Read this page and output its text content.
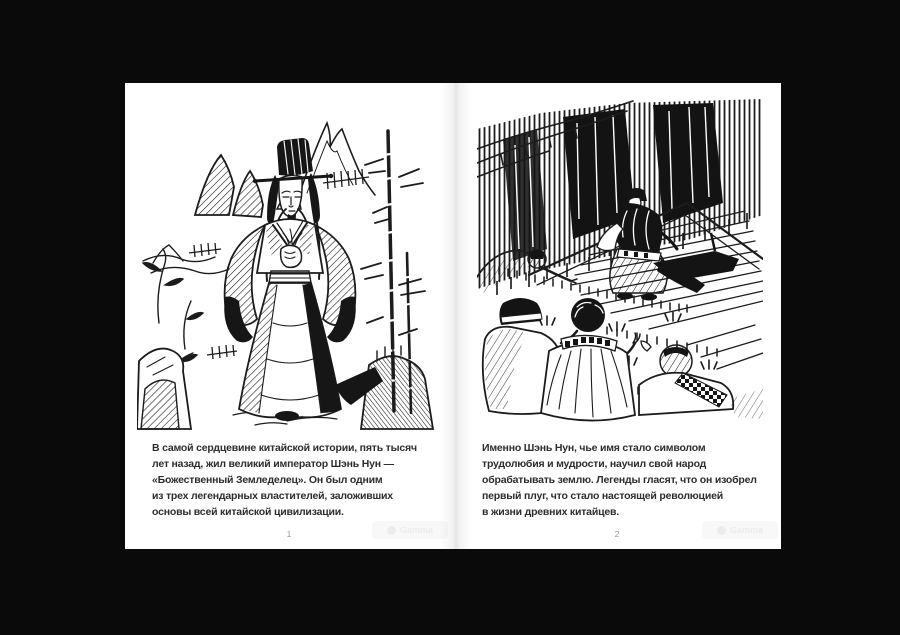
В самой сердцевине китайской истории, пять тысяч
лет назад, жил великий император Шэнь Нун —
«Божественный Земледелец». Он был одним
из трех легендарных властителей, заложивших
основы всей китайской цивилизации.
1	Gamma
Именно Шэнь Нун, чье имя стало символом
трудолюбия и мудрости, научил свой народ
обрабатывать землю. Легенды гласят, что он изобрел
первый плуг, что стало настоящей революцией
в жизни древних китайцев.
2	Gamma
